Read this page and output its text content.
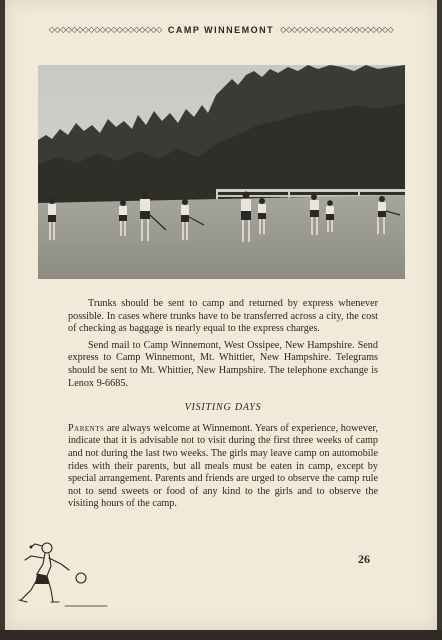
◇◇◇◇◇◇◇◇◇◇◇◇◇◇◇◇◇◇◇◇ CAMP WINNEMONT ◇◇◇◇◇◇◇◇◇◇◇◇◇◇◇◇◇◇◇◇

Trunks should be sent to camp and returned by express whenever possible. In cases where trunks have to be transferred across a city, the cost of checking as baggage is nearly equal to the express charges.

Send mail to Camp Winnemont, West Ossipee, New Hampshire. Send express to Camp Winnemont, Mt. Whittier, New Hampshire. Telegrams should be sent to Mt. Whittier, New Hampshire. The telephone exchange is Lenox 9-6685.

VISITING DAYS

Parents are always welcome at Winnemont. Years of experience, however, indicate that it is advisable not to visit during the first three weeks of camp and not during the last two weeks. The girls may leave camp on automobile rides with their parents, but all meals must be eaten in camp, except by special arrangement. Parents and friends are urged to observe the camp rule not to send sweets or food of any kind to the girls and to observe the visiting hours of the camp.

26
